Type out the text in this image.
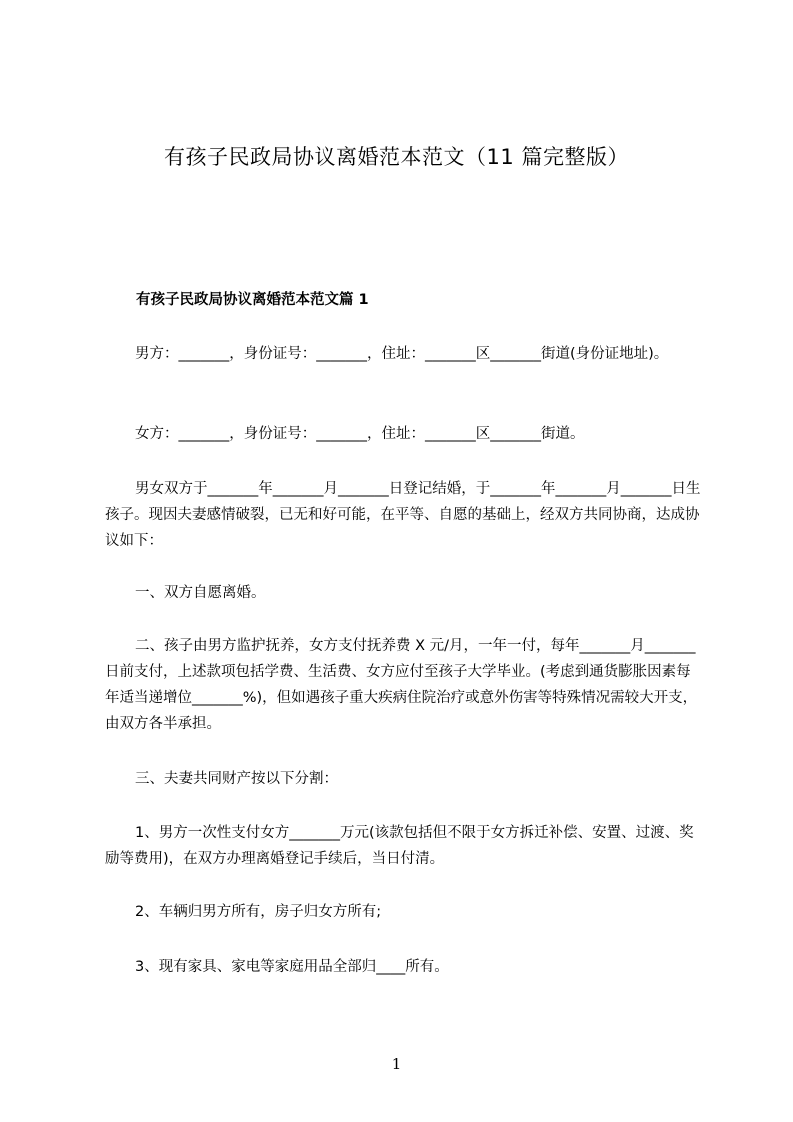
有孩子民政局协议离婚范本范文（11 篇完整版）
有孩子民政局协议离婚范本范文篇 1

男方：_______，身份证号：_______，住址：_______区_______街道(身份证地址)。

女方：_______，身份证号：_______，住址：_______区_______街道。

男女双方于_______年_______月_______日登记结婚，于_______年_______月_______日生孩子。现因夫妻感情破裂，已无和好可能，在平等、自愿的基础上，经双方共同协商，达成协议如下：

一、双方自愿离婚。

二、孩子由男方监护抚养，女方支付抚养费 X 元/月，一年一付，每年_______月_______日前支付，上述款项包括学费、生活费、女方应付至孩子大学毕业。(考虑到通货膨胀因素每年适当递增位_______%)，但如遇孩子重大疾病住院治疗或意外伤害等特殊情况需较大开支，由双方各半承担。

三、夫妻共同财产按以下分割：

1、男方一次性支付女方_______万元(该款包括但不限于女方拆迁补偿、安置、过渡、奖励等费用)，在双方办理离婚登记手续后，当日付清。

2、车辆归男方所有，房子归女方所有;

3、现有家具、家电等家庭用品全部归____所有。

1
